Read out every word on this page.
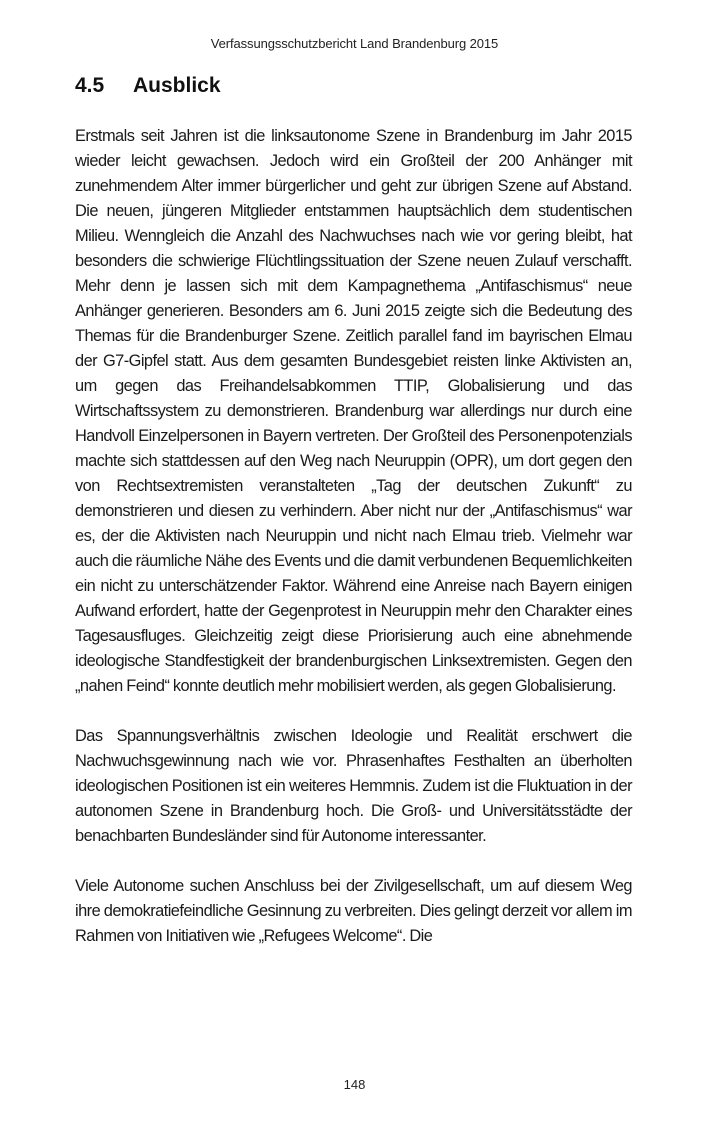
Verfassungsschutzbericht Land Brandenburg 2015
4.5	Ausblick

Erstmals seit Jahren ist die linksautonome Szene in Brandenburg im Jahr 2015 wieder leicht gewachsen. Jedoch wird ein Großteil der 200 Anhänger mit zunehmendem Alter immer bürgerlicher und geht zur übrigen Szene auf Abstand. Die neuen, jüngeren Mitglieder entstammen hauptsächlich dem studentischen Milieu. Wenngleich die Anzahl des Nachwuchses nach wie vor gering bleibt, hat besonders die schwierige Flüchtlingssituation der Szene neuen Zulauf verschafft. Mehr denn je lassen sich mit dem Kampagnethema „Antifaschismus“ neue Anhänger generieren. Besonders am 6. Juni 2015 zeigte sich die Bedeutung des Themas für die Brandenburger Szene. Zeitlich parallel fand im bayrischen Elmau der G7-Gipfel statt. Aus dem gesamten Bundesgebiet reisten linke Aktivisten an, um gegen das Freihandelsabkommen TTIP, Globalisierung und das Wirtschaftssystem zu demonstrieren. Brandenburg war allerdings nur durch eine Handvoll Einzelpersonen in Bayern vertreten. Der Großteil des Personenpotenzials machte sich stattdessen auf den Weg nach Neuruppin (OPR), um dort gegen den von Rechtsextremisten veranstalteten „Tag der deutschen Zukunft“ zu demonstrieren und diesen zu verhindern. Aber nicht nur der „Antifaschismus“ war es, der die Aktivisten nach Neuruppin und nicht nach Elmau trieb. Vielmehr war auch die räumliche Nähe des Events und die damit verbundenen Bequemlichkeiten ein nicht zu unterschätzender Faktor. Während eine Anreise nach Bayern einigen Aufwand erfordert, hatte der Gegenprotest in Neuruppin mehr den Charakter eines Tagesausfluges. Gleichzeitig zeigt diese Priorisierung auch eine abnehmende ideologische Standfestigkeit der brandenburgischen Linksextremisten. Gegen den „nahen Feind“ konnte deutlich mehr mobilisiert werden, als gegen Globalisierung.

Das Spannungsverhältnis zwischen Ideologie und Realität erschwert die Nachwuchsgewinnung nach wie vor. Phrasenhaftes Festhalten an überholten ideologischen Positionen ist ein weiteres Hemmnis. Zudem ist die Fluktuation in der autonomen Szene in Brandenburg hoch. Die Groß- und Universitätsstädte der benachbarten Bundesländer sind für Autonome interessanter.

Viele Autonome suchen Anschluss bei der Zivilgesellschaft, um auf diesem Weg ihre demokratiefeindliche Gesinnung zu verbreiten. Dies gelingt derzeit vor allem im Rahmen von Initiativen wie „Refugees Welcome“. Die

148
